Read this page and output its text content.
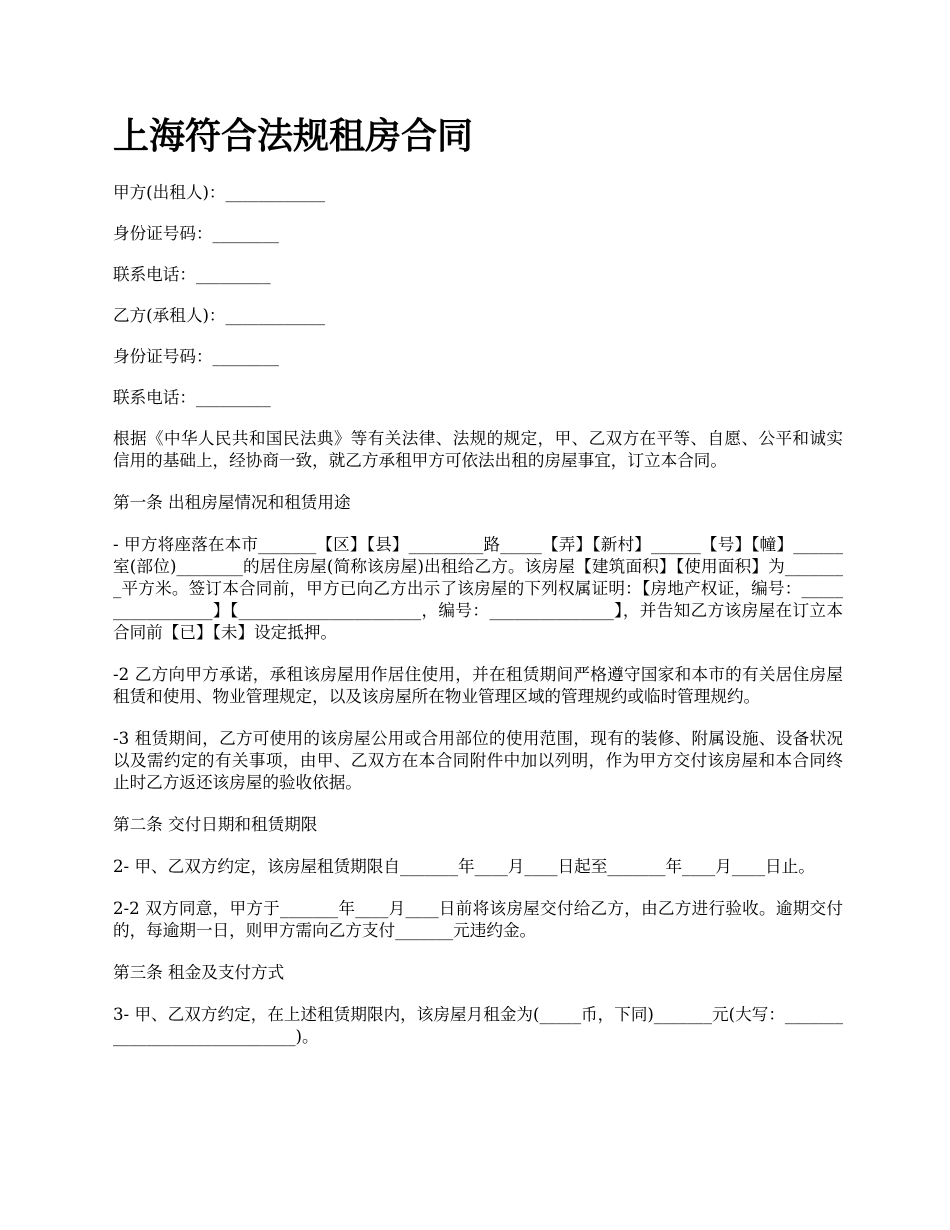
上海符合法规租房合同

甲方(出租人)：____________

身份证号码：________

联系电话：_________

乙方(承租人)：____________

身份证号码：________

联系电话：_________

根据《中华人民共和国民法典》等有关法律、法规的规定，甲、乙双方在平等、自愿、公平和诚实信用的基础上，经协商一致，就乙方承租甲方可依法出租的房屋事宜，订立本合同。

第一条 出租房屋情况和租赁用途

- 甲方将座落在本市_______【区】【县】_________路_____【弄】【新村】______【号】【幢】______室(部位)________的居住房屋(简称该房屋)出租给乙方。该房屋【建筑面积】【使用面积】为________平方米。签订本合同前，甲方已向乙方出示了该房屋的下列权属证明：【房地产权证，编号：_________________】【______________________，编号：_______________】，并告知乙方该房屋在订立本合同前【已】【未】设定抵押。

-2 乙方向甲方承诺，承租该房屋用作居住使用，并在租赁期间严格遵守国家和本市的有关居住房屋租赁和使用、物业管理规定，以及该房屋所在物业管理区域的管理规约或临时管理规约。

-3 租赁期间，乙方可使用的该房屋公用或合用部位的使用范围，现有的装修、附属设施、设备状况以及需约定的有关事项，由甲、乙双方在本合同附件中加以列明，作为甲方交付该房屋和本合同终止时乙方返还该房屋的验收依据。

第二条 交付日期和租赁期限

2- 甲、乙双方约定，该房屋租赁期限自_______年____月____日起至_______年____月____日止。

2-2 双方同意，甲方于_______年____月____日前将该房屋交付给乙方，由乙方进行验收。逾期交付的，每逾期一日，则甲方需向乙方支付_______元违约金。

第三条 租金及支付方式

3- 甲、乙双方约定，在上述租赁期限内，该房屋月租金为(_____币，下同)_______元(大写：_____________________________)。
